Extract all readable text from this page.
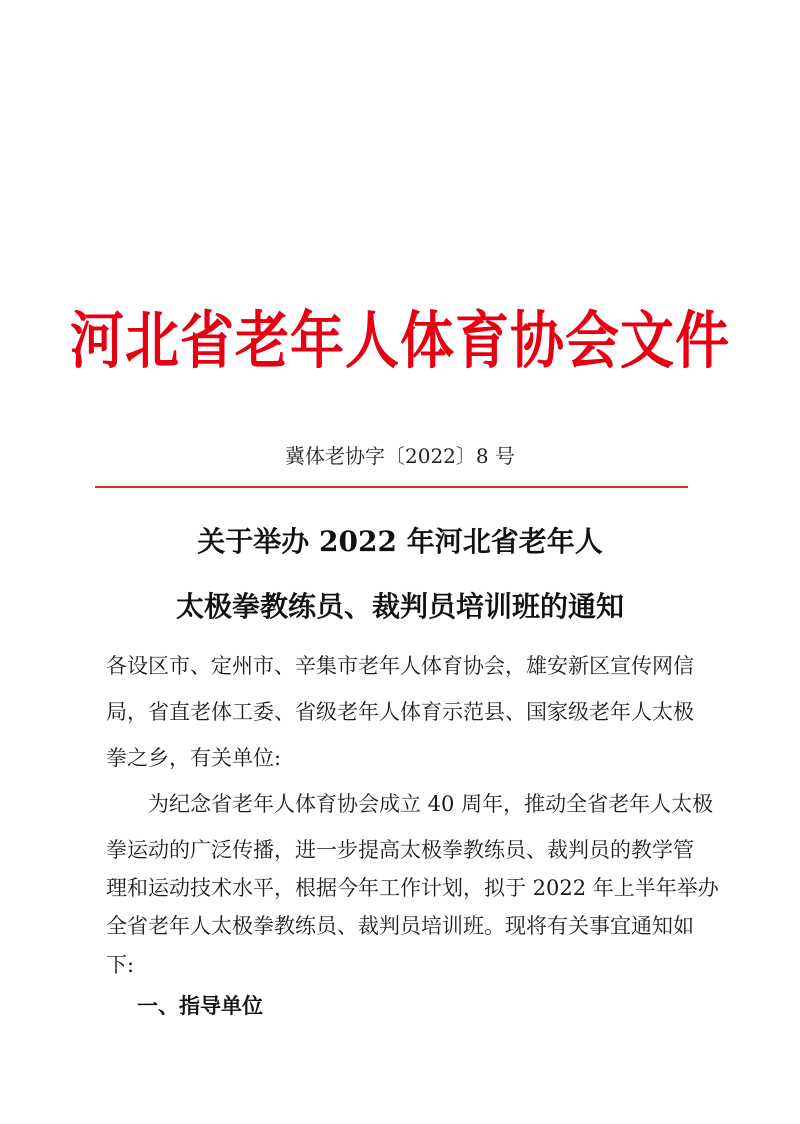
河北省老年人体育协会文件
冀体老协字〔2022〕8 号
关于举办 2022 年河北省老年人
太极拳教练员、裁判员培训班的通知
各设区市、定州市、辛集市老年人体育协会，雄安新区宣传网信
局，省直老体工委、省级老年人体育示范县、国家级老年人太极
拳之乡，有关单位:
为纪念省老年人体育协会成立 40 周年，推动全省老年人太极
拳运动的广泛传播，进一步提高太极拳教练员、裁判员的教学管
理和运动技术水平，根据今年工作计划，拟于 2022 年上半年举办
全省老年人太极拳教练员、裁判员培训班。现将有关事宜通知如
下:
一、指导单位
